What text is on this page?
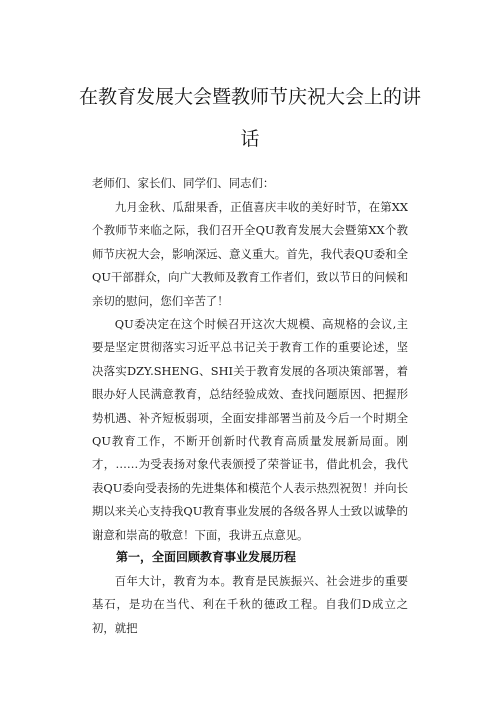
在教育发展大会暨教师节庆祝大会上的讲
话
老师们、家长们、同学们、同志们：
九月金秋、瓜甜果香，正值喜庆丰收的美好时节，在第XX个教师节来临之际，我们召开全QU教育发展大会暨第XX个教师节庆祝大会，影响深远、意义重大。首先，我代表QU委和全QU干部群众，向广大教师及教育工作者们，致以节日的问候和亲切的慰问，您们辛苦了！
QU委决定在这个时候召开这次大规模、高规格的会议,主要是坚定贯彻落实习近平总书记关于教育工作的重要论述，坚决落实DZY.SHENG、SHI关于教育发展的各项决策部署，着眼办好人民满意教育，总结经验成效、查找问题原因、把握形势机遇、补齐短板弱项，全面安排部署当前及今后一个时期全QU教育工作，不断开创新时代教育高质量发展新局面。刚才，……为受表扬对象代表颁授了荣誉证书，借此机会，我代表QU委向受表扬的先进集体和模范个人表示热烈祝贺！并向长期以来关心支持我QU教育事业发展的各级各界人士致以诚挚的谢意和崇高的敬意！下面，我讲五点意见。
第一，全面回顾教育事业发展历程
百年大计，教育为本。教育是民族振兴、社会进步的重要基石，是功在当代、利在千秋的德政工程。自我们D成立之初，就把
